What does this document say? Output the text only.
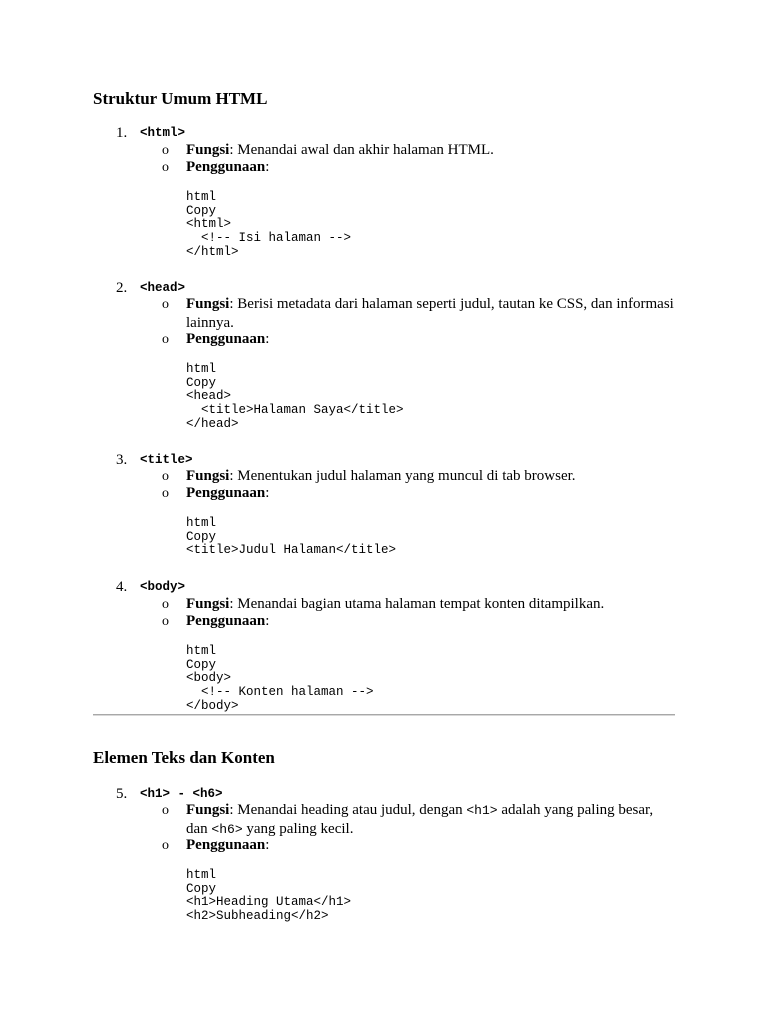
Struktur Umum HTML
1. <html>
o Fungsi: Menandai awal dan akhir halaman HTML.
o Penggunaan:
html
Copy
<html>
<!-- Isi halaman -->
</html>
2. <head>
o Fungsi: Berisi metadata dari halaman seperti judul, tautan ke CSS, dan informasi lainnya.
o Penggunaan:
html
Copy
<head>
<title>Halaman Saya</title>
</head>
3. <title>
o Fungsi: Menentukan judul halaman yang muncul di tab browser.
o Penggunaan:
html
Copy
<title>Judul Halaman</title>
4. <body>
o Fungsi: Menandai bagian utama halaman tempat konten ditampilkan.
o Penggunaan:
html
Copy
<body>
<!-- Konten halaman -->
</body>
Elemen Teks dan Konten
5. <h1> - <h6>
o Fungsi: Menandai heading atau judul, dengan <h1> adalah yang paling besar, dan <h6> yang paling kecil.
o Penggunaan:
html
Copy
<h1>Heading Utama</h1>
<h2>Subheading</h2>
